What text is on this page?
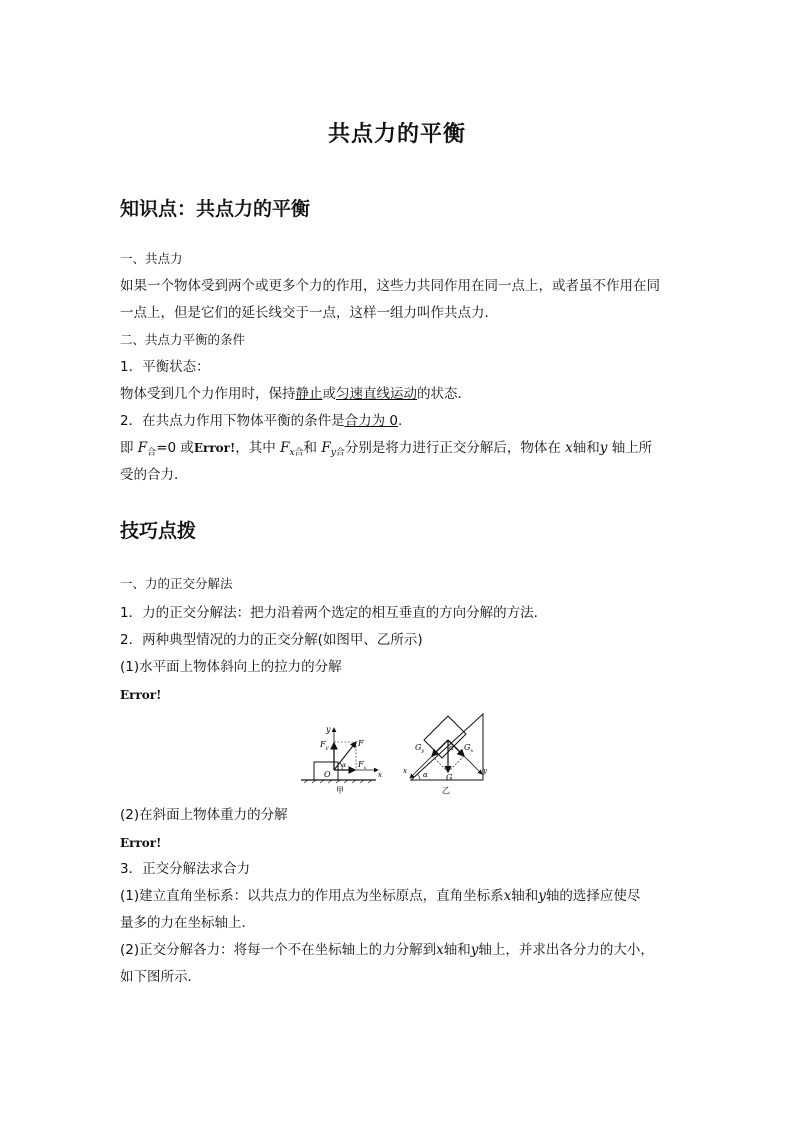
共点力的平衡
知识点：共点力的平衡
一、共点力
如果一个物体受到两个或更多个力的作用，这些力共同作用在同一点上，或者虽不作用在同
一点上，但是它们的延长线交于一点，这样一组力叫作共点力．
二、共点力平衡的条件
1．平衡状态：
物体受到几个力作用时，保持静止或匀速直线运动的状态．
2．在共点力作用下物体平衡的条件是合力为 0.
即 $F_合=0$ 或Error!，其中 $F_{x合}$和 $F_{y合}$分别是将力进行正交分解后，物体在 x轴和y 轴上所
受的合力．
技巧点拨
一、力的正交分解法
1．力的正交分解法：把力沿着两个选定的相互垂直的方向分解的方法．
2．两种典型情况的力的正交分解(如图甲、乙所示)
(1)水平面上物体斜向上的拉力的分解
Error!
y
$F_y$	F
α
O
$F_x$
x
甲
$G_y$	α $G_x$
x α G
y
乙
(2)在斜面上物体重力的分解
Error!
3．正交分解法求合力
(1)建立直角坐标系：以共点力的作用点为坐标原点，直角坐标系x轴和y轴的选择应使尽
量多的力在坐标轴上．
(2)正交分解各力：将每一个不在坐标轴上的力分解到x轴和y轴上，并求出各分力的大小，
如下图所示．
